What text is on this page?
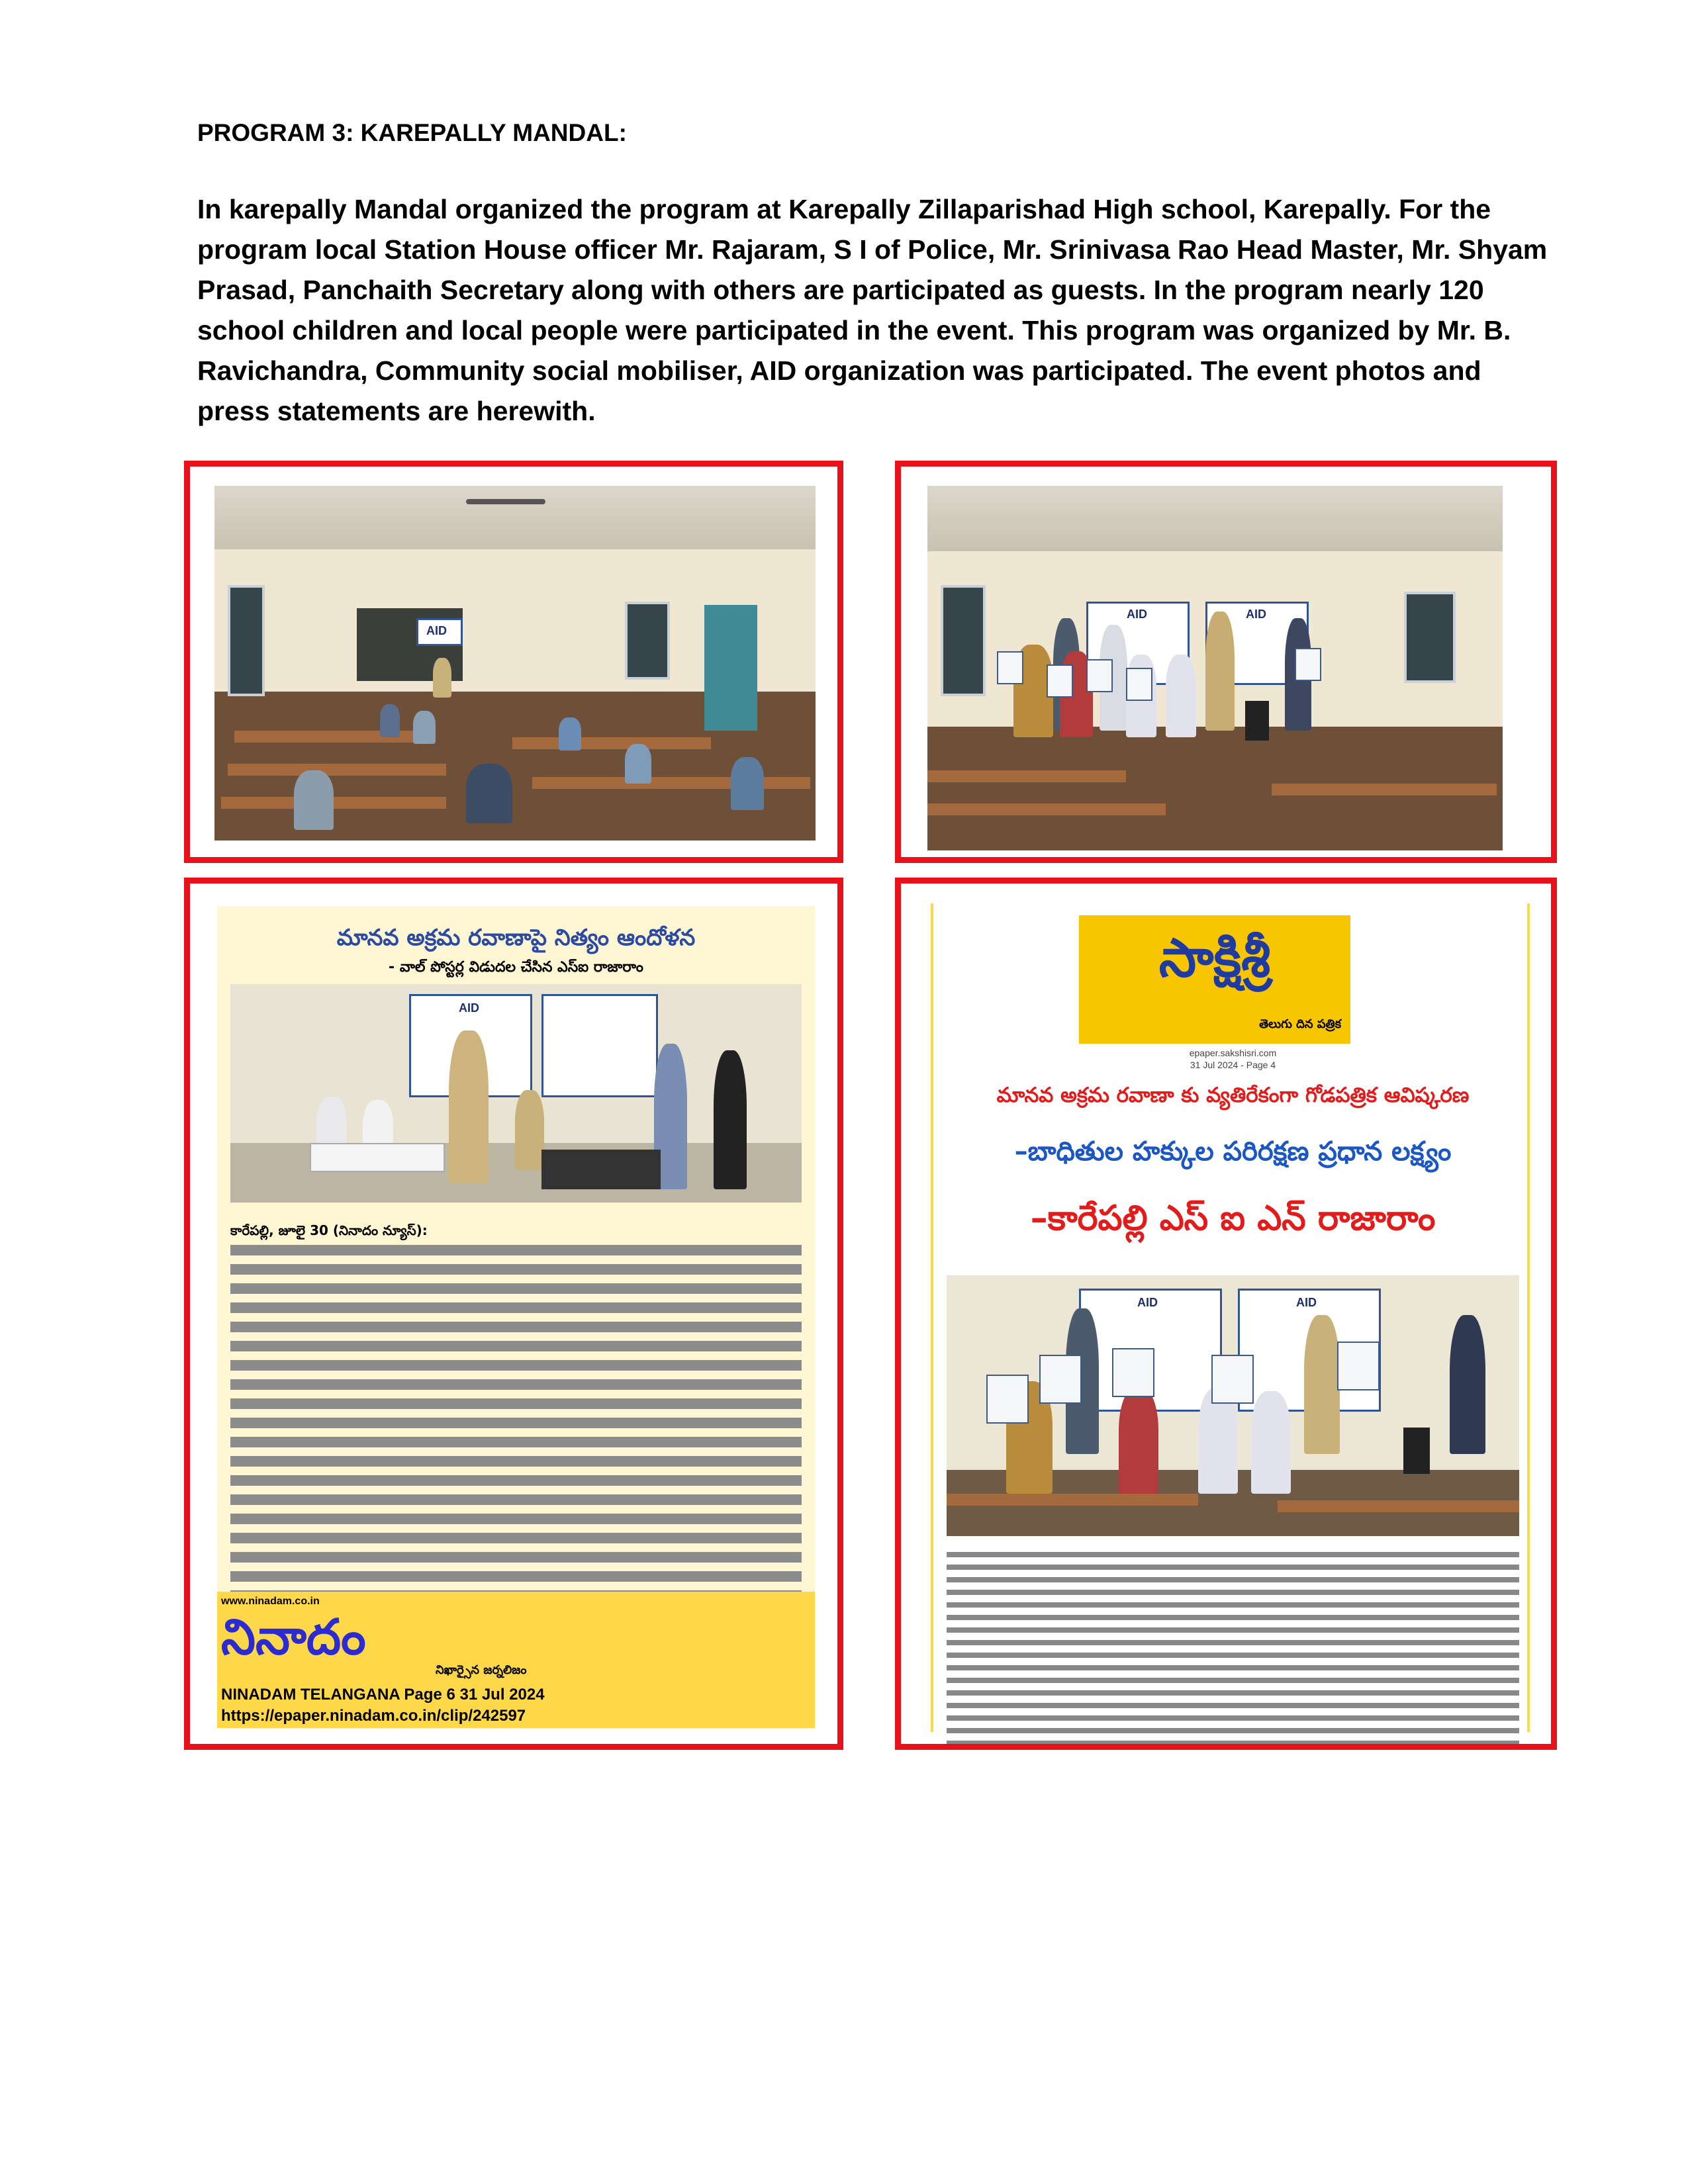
PROGRAM 3: KAREPALLY MANDAL:
In karepally Mandal organized the program at Karepally Zillaparishad High school, Karepally. For the program local Station House officer Mr. Rajaram, S I of Police, Mr. Srinivasa Rao Head Master, Mr. Shyam Prasad, Panchaith Secretary along with others are participated as guests. In the program nearly 120 school children and local people were participated in the event. This program was organized by Mr. B. Ravichandra, Community social mobiliser, AID organization was participated. The event photos and press statements are herewith.
AID
AID	AID
మానవ అక్రమ రవాణాపై నిత్యం ఆందోళన
- వాల్ పోస్టర్ల విడుదల చేసిన ఎస్ఐ రాజారాం
AID
కారేపల్లి, జూలై 30 (నినాదం న్యూస్):
www.ninadam.co.in
నినాదం
నిఖార్సైన జర్నలిజం
NINADAM TELANGANA Page 6 31 Jul 2024
https://epaper.ninadam.co.in/clip/242597
సాక్షిశ్రీ
తెలుగు దిన పత్రిక
epaper.sakshisri.com
31 Jul 2024 - Page 4
మానవ అక్రమ రవాణా కు వ్యతిరేకంగా గోడపత్రిక ఆవిష్కరణ
–బాధితుల హక్కుల పరిరక్షణ ప్రధాన లక్ష్యం
–కారేపల్లి ఎస్ ఐ ఎన్ రాజారాం
AID	AID
